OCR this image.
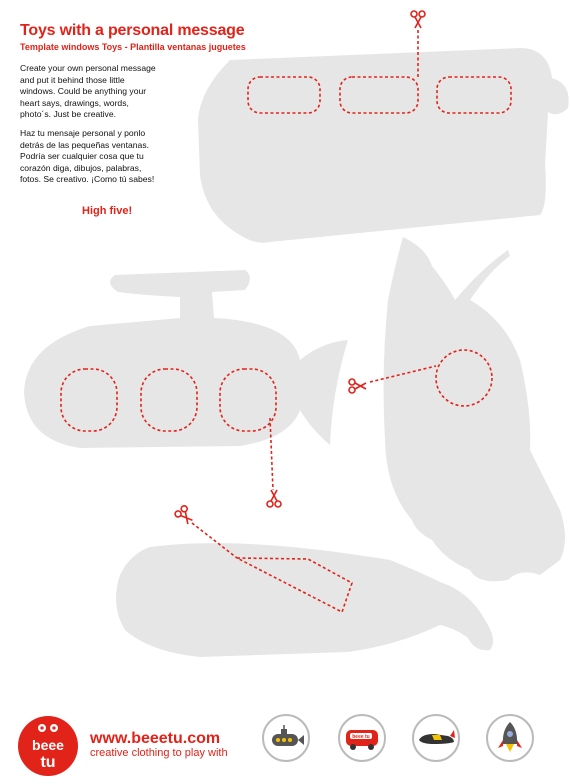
Toys with a personal message

Template windows Toys - Plantilla ventanas juguetes

Create your own personal message
and put it behind those little
windows. Could be anything your
heart says, drawings, words,
photo´s. Just be creative.

Haz tu mensaje personal y ponlo
detrás de las pequeñas ventanas.
Podría ser cualquier cosa que tu
corazón diga, dibujos, palabras,
fotos. Se creativo. ¡Como tú sabes!

High five!
beee
tu
www.beeetu.com
creative clothing to play with
beee tu
